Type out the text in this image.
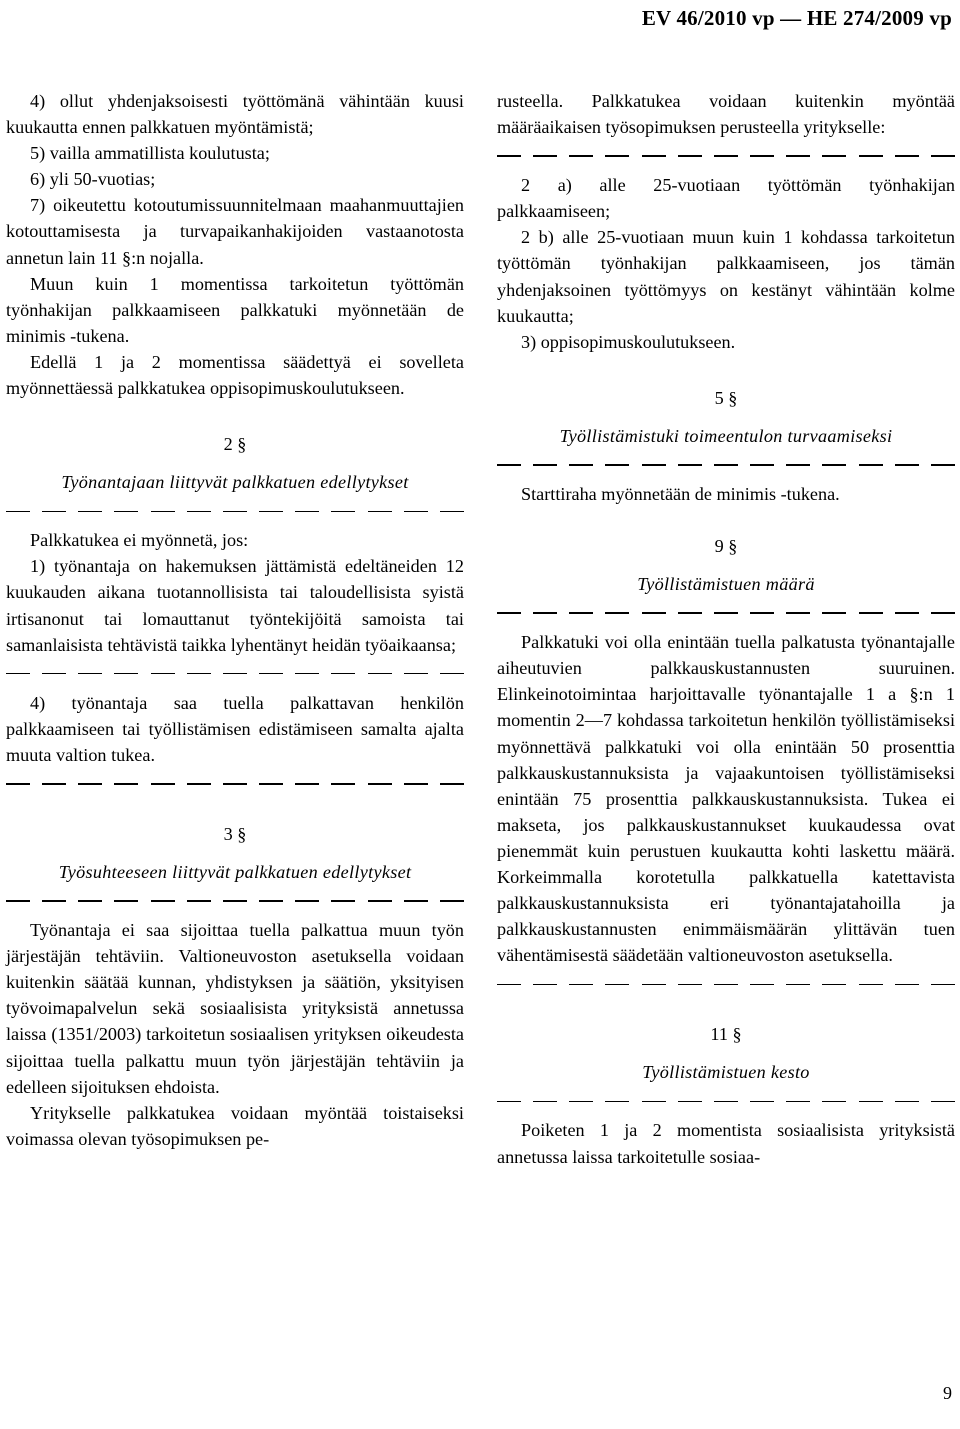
EV 46/2010 vp — HE 274/2009 vp

4) ollut yhdenjaksoisesti työttömänä vähintään kuusi kuukautta ennen palkkatuen myöntämistä;

5) vailla ammatillista koulutusta;

6) yli 50-vuotias;

7) oikeutettu kotoutumissuunnitelmaan maahanmuuttajien kotouttamisesta ja turvapaikanhakijoiden vastaanotosta annetun lain 11 §:n nojalla.

Muun kuin 1 momentissa tarkoitetun työttömän työnhakijan palkkaamiseen palkkatuki myönnetään de minimis -tukena.

Edellä 1 ja 2 momentissa säädettyä ei sovelleta myönnettäessä palkkatukea oppisopimuskoulutukseen.

2 §
Työnantajaan liittyvät palkkatuen edellytykset

Palkkatukea ei myönnetä, jos:

1) työnantaja on hakemuksen jättämistä edeltäneiden 12 kuukauden aikana tuotannollisista tai taloudellisista syistä irtisanonut tai lomauttanut työntekijöitä samoista tai samanlaisista tehtävistä taikka lyhentänyt heidän työaikaansa;

4) työnantaja saa tuella palkattavan henkilön palkkaamiseen tai työllistämisen edistämiseen samalta ajalta muuta valtion tukea.

3 §
Työsuhteeseen liittyvät palkkatuen edellytykset

Työnantaja ei saa sijoittaa tuella palkattua muun työn järjestäjän tehtäviin. Valtioneuvoston asetuksella voidaan kuitenkin säätää kunnan, yhdistyksen ja säätiön, yksityisen työvoimapalvelun sekä sosiaalisista yrityksistä annetussa laissa (1351/2003) tarkoitetun sosiaalisen yrityksen oikeudesta sijoittaa tuella palkattu muun työn järjestäjän tehtäviin ja edelleen sijoituksen ehdoista.

Yritykselle palkkatukea voidaan myöntää toistaiseksi voimassa olevan työsopimuksen pe-

rusteella. Palkkatukea voidaan kuitenkin myöntää määräaikaisen työsopimuksen perusteella yritykselle:

2 a) alle 25-vuotiaan työttömän työnhakijan palkkaamiseen;

2 b) alle 25-vuotiaan muun kuin 1 kohdassa tarkoitetun työttömän työnhakijan palkkaamiseen, jos tämän yhdenjaksoinen työttömyys on kestänyt vähintään kolme kuukautta;

3) oppisopimuskoulutukseen.

5 §
Työllistämistuki toimeentulon turvaamiseksi

Starttiraha myönnetään de minimis -tukena.

9 §
Työllistämistuen määrä

Palkkatuki voi olla enintään tuella palkatusta työnantajalle aiheutuvien palkkauskustannusten suuruinen. Elinkeinotoimintaa harjoittavalle työnantajalle 1 a §:n 1 momentin 2—7 kohdassa tarkoitetun henkilön työllistämiseksi myönnettävä palkkatuki voi olla enintään 50 prosenttia palkkauskustannuksista ja vajaakuntoisen työllistämiseksi enintään 75 prosenttia palkkauskustannuksista. Tukea ei makseta, jos palkkauskustannukset kuukaudessa ovat pienemmät kuin perustuen kuukautta kohti laskettu määrä. Korkeimmalla korotetulla palkkatuella katettavista palkkauskustannuksista eri työnantajatahoilla ja palkkauskustannusten enimmäismäärän ylittävän tuen vähentämisestä säädetään valtioneuvoston asetuksella.

11 §
Työllistämistuen kesto

Poiketen 1 ja 2 momentista sosiaalisista yrityksistä annetussa laissa tarkoitetulle sosiaa-

9
